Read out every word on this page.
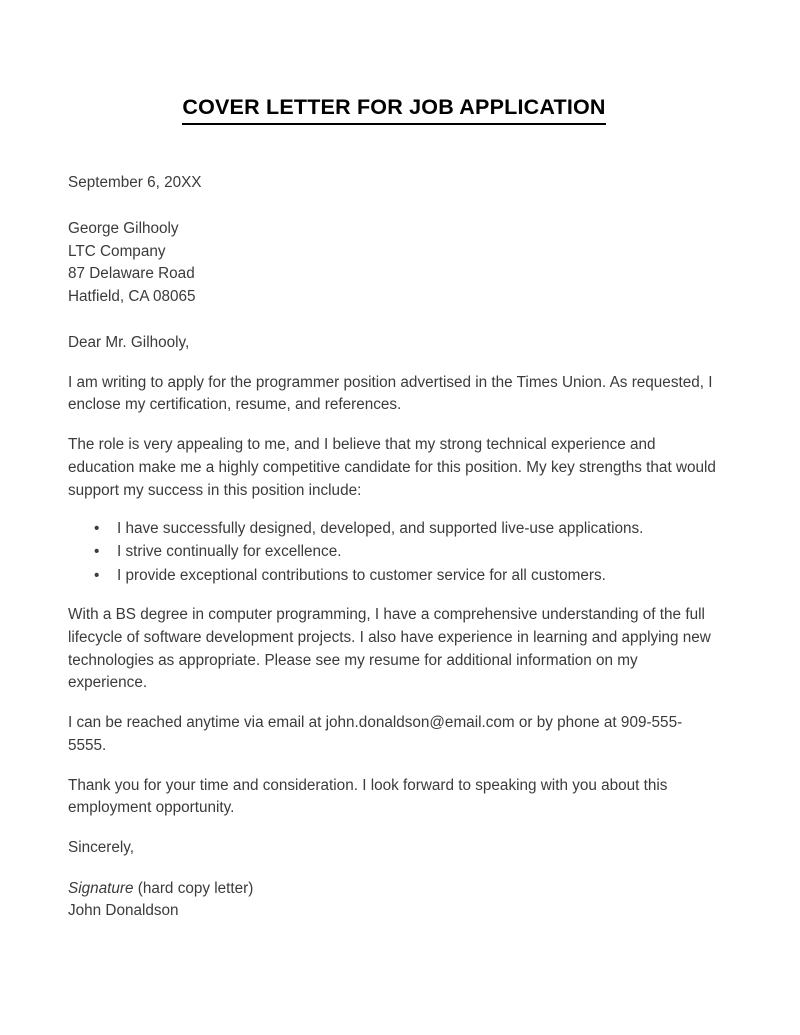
COVER LETTER FOR JOB APPLICATION
September 6, 20XX
George Gilhooly
LTC Company
87 Delaware Road
Hatfield, CA 08065
Dear Mr. Gilhooly,

I am writing to apply for the programmer position advertised in the Times Union. As requested, I enclose my certification, resume, and references.

The role is very appealing to me, and I believe that my strong technical experience and education make me a highly competitive candidate for this position. My key strengths that would support my success in this position include:

• I have successfully designed, developed, and supported live-use applications.
• I strive continually for excellence.
• I provide exceptional contributions to customer service for all customers.

With a BS degree in computer programming, I have a comprehensive understanding of the full lifecycle of software development projects. I also have experience in learning and applying new technologies as appropriate. Please see my resume for additional information on my experience.

I can be reached anytime via email at john.donaldson@email.com or by phone at 909-555-5555.

Thank you for your time and consideration. I look forward to speaking with you about this employment opportunity.

Sincerely,
Signature (hard copy letter)
John Donaldson
